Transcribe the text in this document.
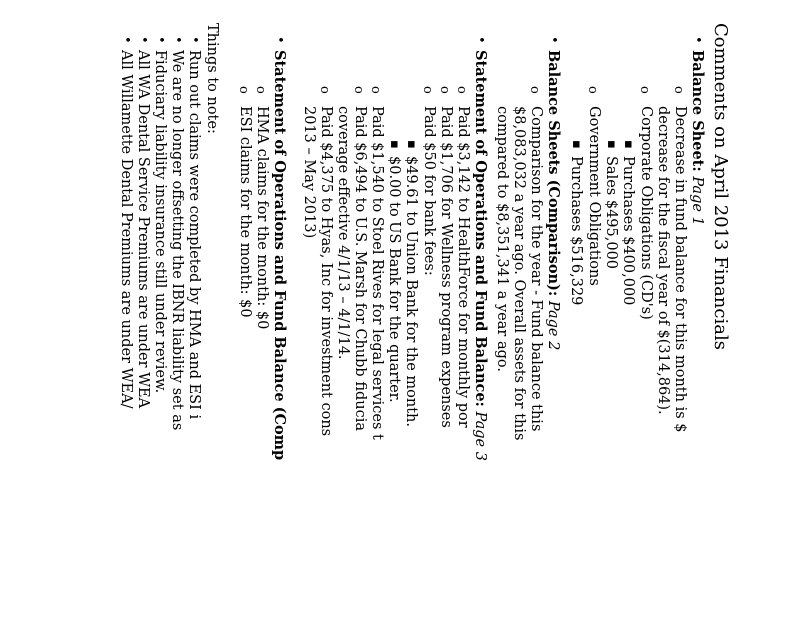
Comments on April 2013 Financials
•
Balance Sheet: Page 1
o
Decrease in fund balance for this month is $
decrease for the fiscal year of $(314,864).
o
Corporate Obligations (CD's)
▪
Purchases $400,000
▪
Sales $495,000
o
Government Obligations
▪
Purchases $516,329
•
Balance Sheets (Comparison): Page 2
o
Comparison for the year - Fund balance this
$8,083,032 a year ago. Overall assets for this
compared to $8,351,341 a year ago.
•
Statement of Operations and Fund Balance: Page 3
o
Paid $3,142 to HealthForce for monthly por
o
Paid $1,706 for Wellness program expenses
o
Paid $50 for bank fees:
▪
$49.61 to Union Bank for the month.
▪
$0.00 to US Bank for the quarter.
o
Paid $1,540 to Stoel Rives for legal services t
o
Paid $6,494 to U.S. Marsh for Chubb fiducia
coverage effective 4/1/13 – 4/1/14.
o
Paid $4,375 to Hyas, Inc for investment cons
2013 – May 2013)
•
Statement of Operations and Fund Balance (Comp
o
HMA claims for the month: $0
o
ESI claims for the month: $0
Things to note:
•
Run out claims were completed by HMA and ESI i
•
We are no longer offsetting the IBNR liability set as
•
Fiduciary liability insurance still under review.
•
All WA Dental Service Premiums are under WEA
•
All Willamette Dental Premiums are under WEA/
